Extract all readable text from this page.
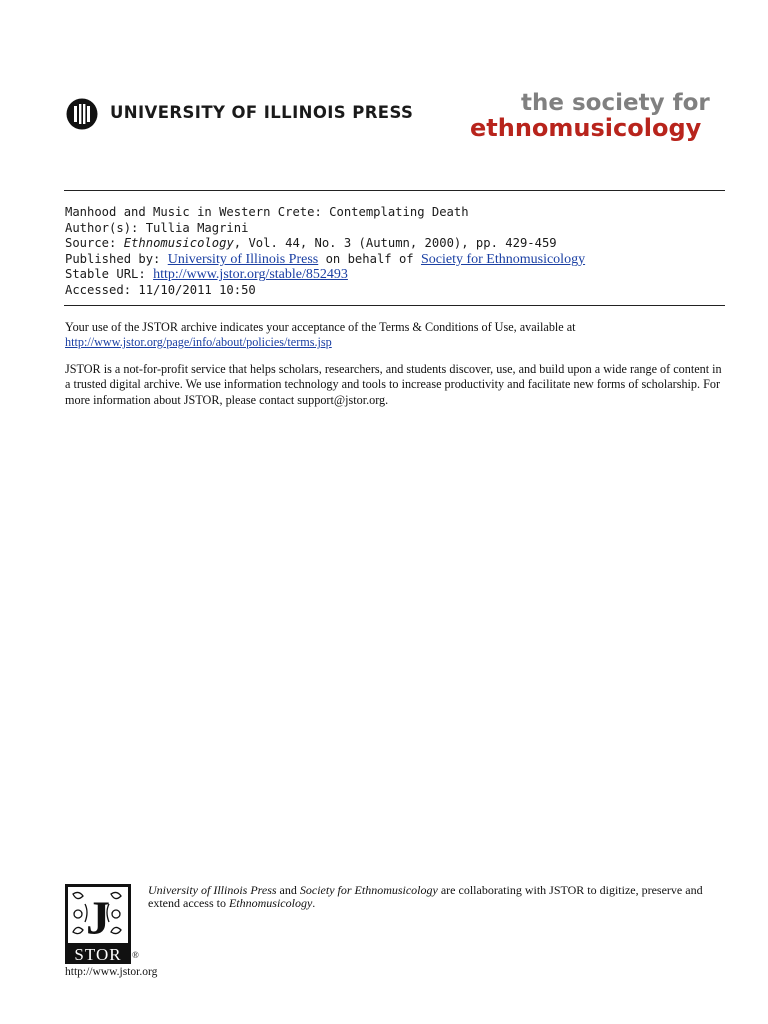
UNIVERSITY OF ILLINOIS PRESS	the society for
ethnomusicology
Manhood and Music in Western Crete: Contemplating Death
Author(s): Tullia Magrini
Source: Ethnomusicology, Vol. 44, No. 3 (Autumn, 2000), pp. 429-459
Published by: University of Illinois Press on behalf of Society for Ethnomusicology
Stable URL: http://www.jstor.org/stable/852493
Accessed: 11/10/2011 10:50

Your use of the JSTOR archive indicates your acceptance of the Terms & Conditions of Use, available at
http://www.jstor.org/page/info/about/policies/terms.jsp

JSTOR is a not-for-profit service that helps scholars, researchers, and students discover, use, and build upon a wide range of content in a trusted digital archive. We use information technology and tools to increase productivity and facilitate new forms of scholarship. For more information about JSTOR, please contact support@jstor.org.

J
STOR ®
University of Illinois Press and Society for Ethnomusicology are collaborating with JSTOR to digitize, preserve and extend access to Ethnomusicology.
http://www.jstor.org
